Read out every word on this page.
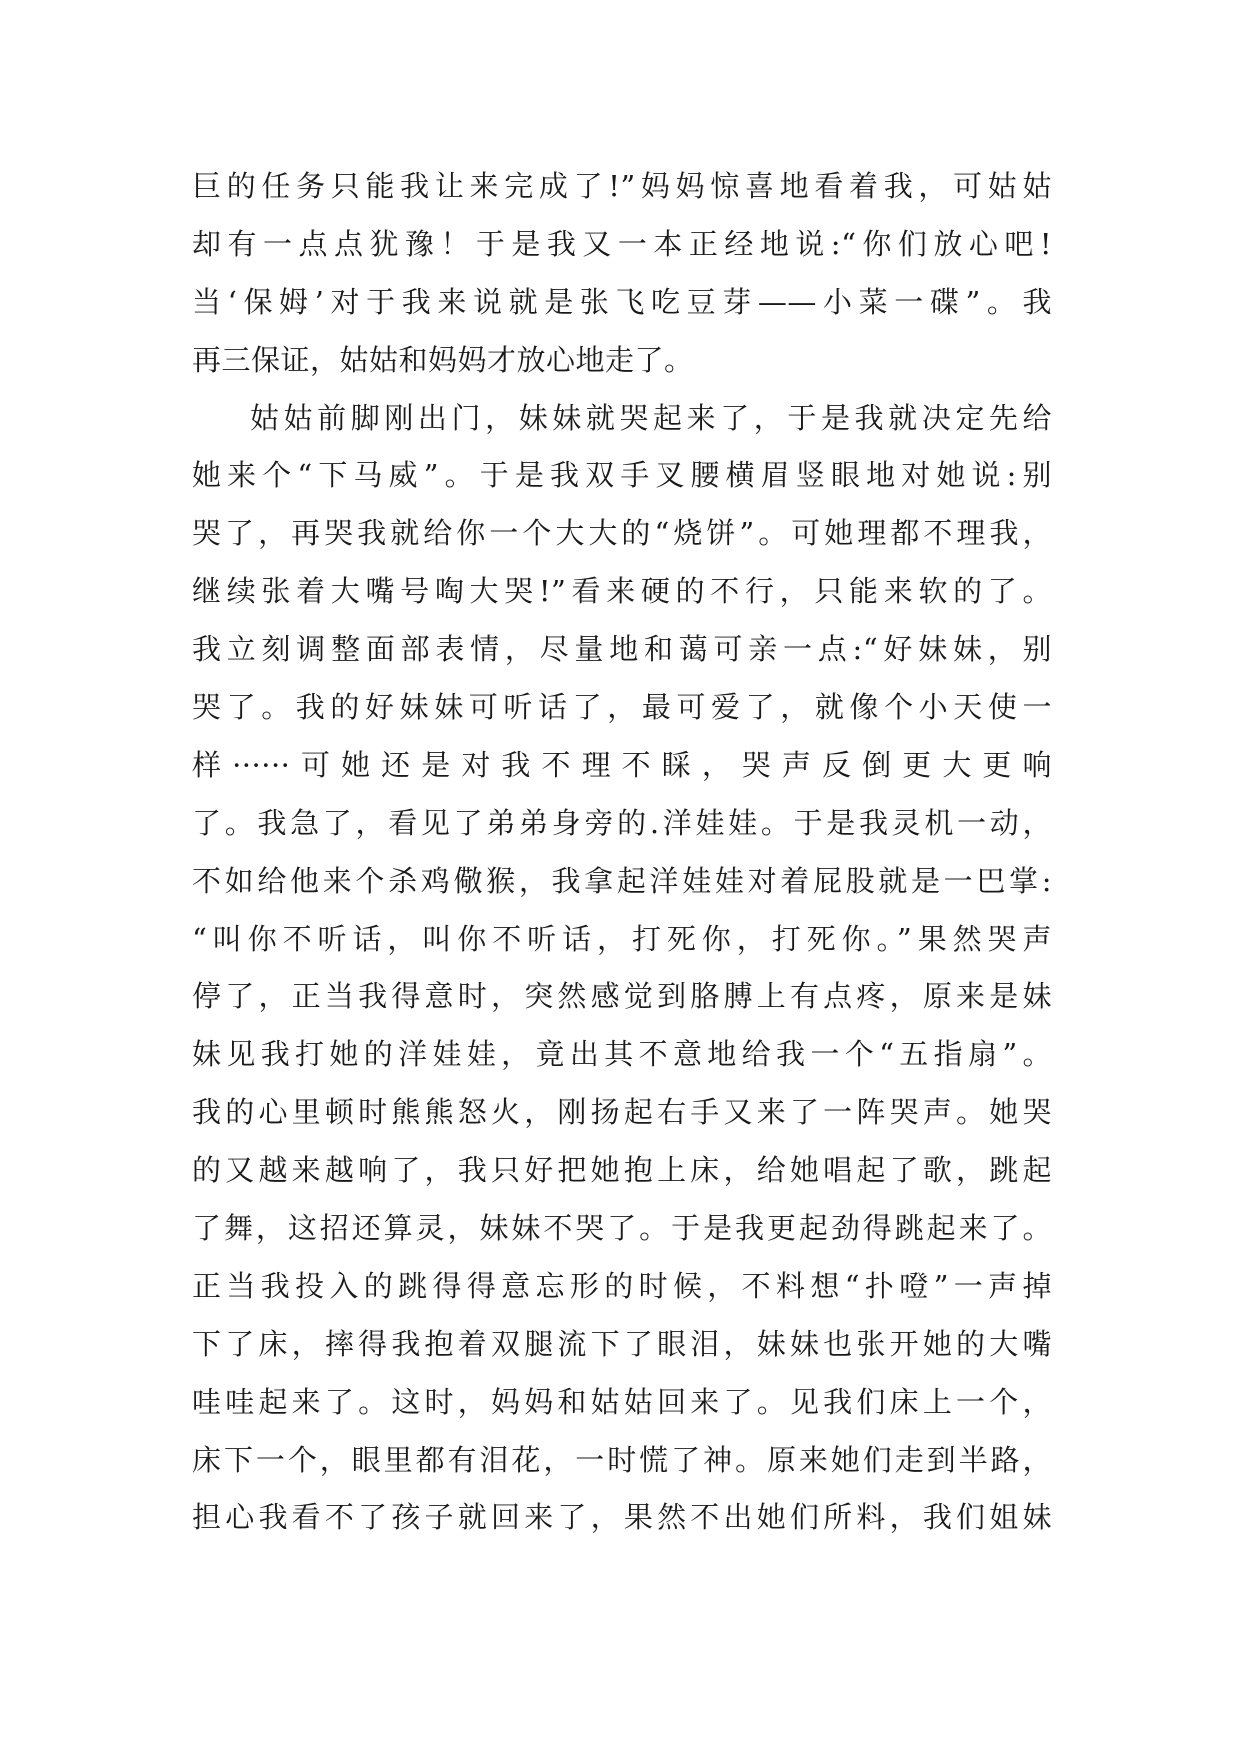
巨的任务只能我让来完成了!”妈妈惊喜地看着我，可姑姑
却有一点点犹豫！于是我又一本正经地说:“你们放心吧!
当‘保姆’对于我来说就是张飞吃豆芽——小菜一碟”。我
再三保证，姑姑和妈妈才放心地走了。
姑姑前脚刚出门，妹妹就哭起来了，于是我就决定先给
她来个“下马威”。于是我双手叉腰横眉竖眼地对她说:别
哭了，再哭我就给你一个大大的“烧饼”。可她理都不理我，
继续张着大嘴号啕大哭!”看来硬的不行，只能来软的了。
我立刻调整面部表情，尽量地和蔼可亲一点:“好妹妹，别
哭了。我的好妹妹可听话了，最可爱了，就像个小天使一
样······可她还是对我不理不睬，哭声反倒更大更响
了。我急了，看见了弟弟身旁的.洋娃娃。于是我灵机一动，
不如给他来个杀鸡儆猴，我拿起洋娃娃对着屁股就是一巴掌:
“叫你不听话，叫你不听话，打死你，打死你。”果然哭声
停了，正当我得意时，突然感觉到胳膊上有点疼，原来是妹
妹见我打她的洋娃娃，竟出其不意地给我一个“五指扇”。
我的心里顿时熊熊怒火，刚扬起右手又来了一阵哭声。她哭
的又越来越响了，我只好把她抱上床，给她唱起了歌，跳起
了舞，这招还算灵，妹妹不哭了。于是我更起劲得跳起来了。
正当我投入的跳得得意忘形的时候，不料想“扑噔”一声掉
下了床，摔得我抱着双腿流下了眼泪，妹妹也张开她的大嘴
哇哇起来了。这时，妈妈和姑姑回来了。见我们床上一个，
床下一个，眼里都有泪花，一时慌了神。原来她们走到半路，
担心我看不了孩子就回来了，果然不出她们所料，我们姐妹
